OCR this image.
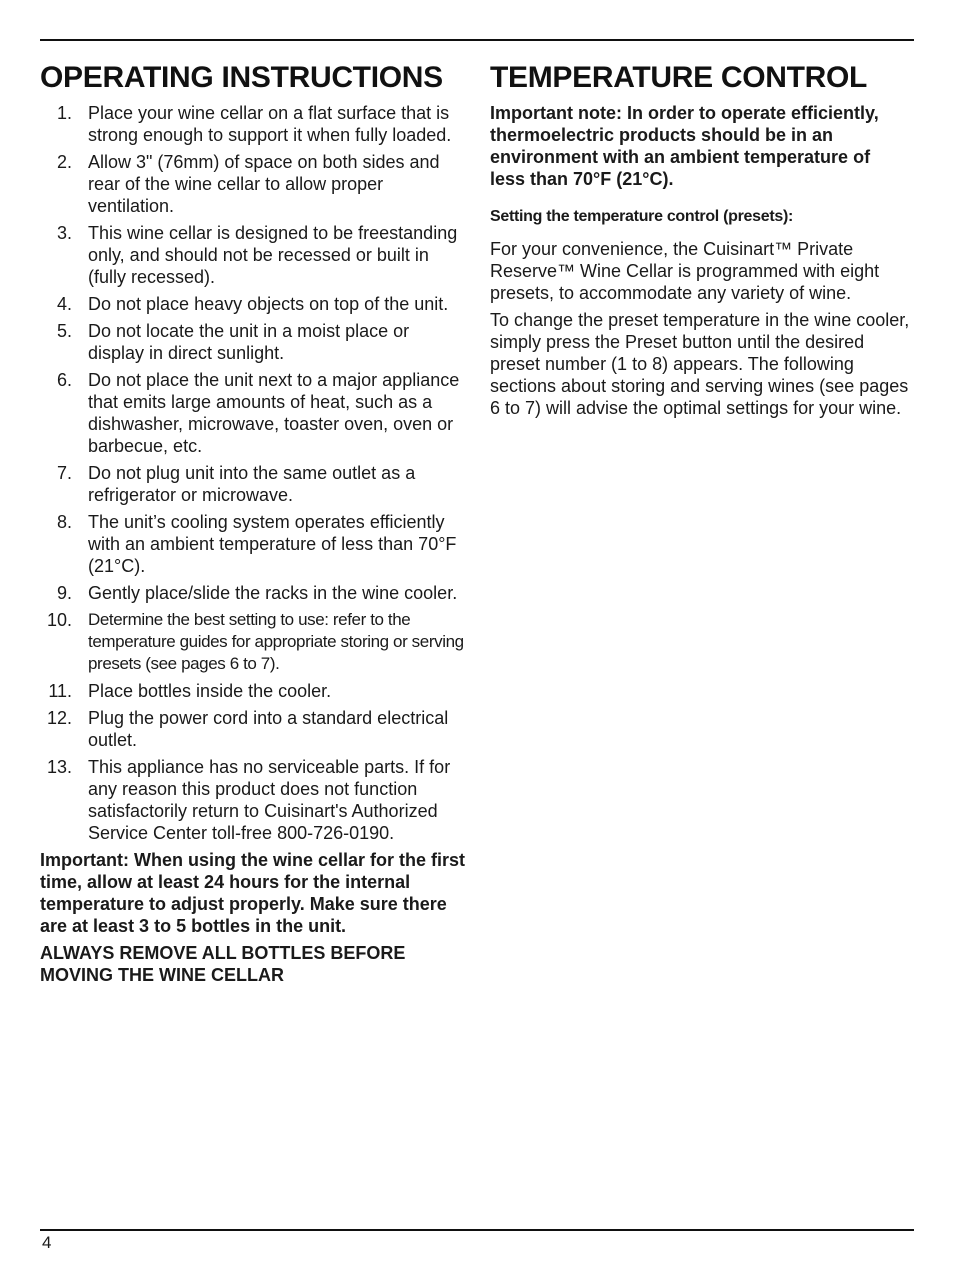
OPERATING INSTRUCTIONS
1. Place your wine cellar on a flat surface that is strong enough to support it when fully loaded.
2. Allow 3" (76mm) of space on both sides and rear of the wine cellar to allow proper ventilation.
3. This wine cellar is designed to be freestanding only, and should not be recessed or built in (fully recessed).
4. Do not place heavy objects on top of the unit.
5. Do not locate the unit in a moist place or display in direct sunlight.
6. Do not place the unit next to a major appliance that emits large amounts of heat, such as a dishwasher, microwave, toaster oven, oven or barbecue, etc.
7. Do not plug unit into the same outlet as a refrigerator or microwave.
8. The unit’s cooling system operates efficiently with an ambient temperature of less than 70°F (21°C).
9. Gently place/slide the racks in the wine cooler.
10. Determine the best setting to use: refer to the temperature guides for appropriate storing or serving presets (see pages 6 to 7).
11. Place bottles inside the cooler.
12. Plug the power cord into a standard electrical outlet.
13. This appliance has no serviceable parts. If for any reason this product does not function satisfactorily return to Cuisinart's Authorized Service Center toll-free 800-726-0190.

Important: When using the wine cellar for the first time, allow at least 24 hours for the internal temperature to adjust properly. Make sure there are at least 3 to 5 bottles in the unit.

ALWAYS REMOVE ALL BOTTLES BEFORE MOVING THE WINE CELLAR

TEMPERATURE CONTROL

Important note: In order to operate efficiently, thermoelectric products should be in an environment with an ambient temperature of less than 70°F (21°C).

Setting the temperature control (presets):

For your convenience, the Cuisinart™ Private Reserve™ Wine Cellar is programmed with eight presets, to accommodate any variety of wine.

To change the preset temperature in the wine cooler, simply press the Preset button until the desired preset number (1 to 8) appears. The following sections about storing and serving wines (see pages 6 to 7) will advise the optimal settings for your wine.

4
